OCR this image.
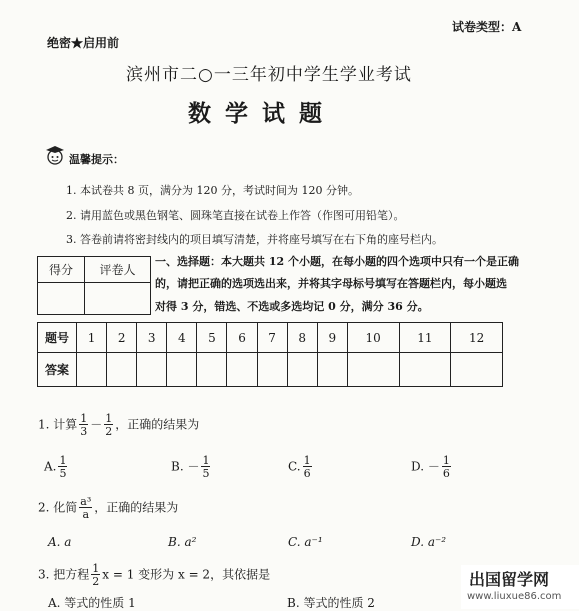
绝密★启用前
试卷类型：A
滨州市二○一三年初中学生学业考试
数 学 试 题
温馨提示：
1. 本试卷共 8 页，满分为 120 分，考试时间为 120 分钟。
2. 请用蓝色或黑色钢笔、圆珠笔直接在试卷上作答（作图可用铅笔）。
3. 答卷前请将密封线内的项目填写清楚，并将座号填写在右下角的座号栏内。
得分	评卷人

一、选择题：本大题共 12 个小题，在每小题的四个选项中只有一个是正确
的，请把正确的选项选出来，并将其字母标号填写在答题栏内，每小题选
对得 3 分，错选、不选或多选均记 0 分，满分 36 分。
题号	1	2	3	4	5	6	7	8	9	10	11	12
答案												
1. 计算 $\frac{1}{3} - \frac{1}{2}$ ，正确的结果为
A. $\frac{1}{5}$	B. － $\frac{1}{5}$	C. $\frac{1}{6}$	D. － $\frac{1}{6}$
2. 化简 $\frac{\text{a³}}{a}$ ，正确的结果为
A. a	B. a²	C. a⁻¹	D. a⁻²
3. 把方程 $\frac{1}{2}$ x = 1 变形为 x = 2，其依据是
A. 等式的性质 1	B. 等式的性质 2
出国留学网
www.liuxue86.com
